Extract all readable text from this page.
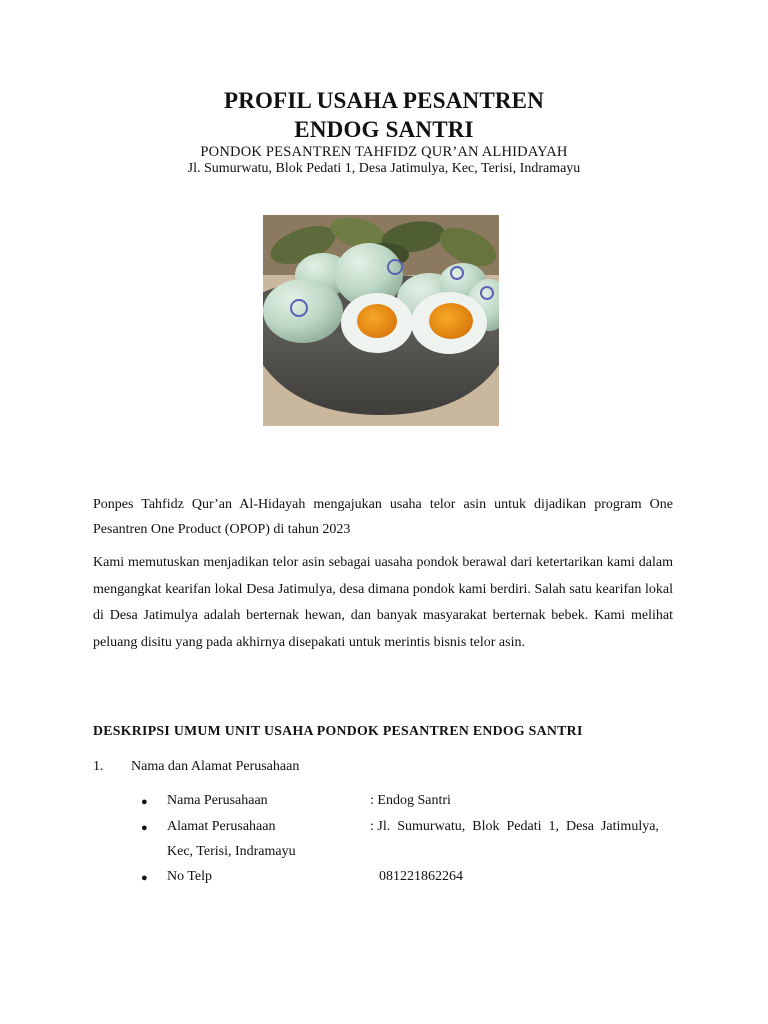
PROFIL USAHA PESANTREN
ENDOG SANTRI
PONDOK PESANTREN TAHFIDZ QUR’AN ALHIDAYAH
Jl. Sumurwatu, Blok Pedati 1, Desa Jatimulya, Kec, Terisi, Indramayu
Ponpes Tahfidz Qur’an Al-Hidayah mengajukan usaha telor asin untuk dijadikan program One Pesantren One Product (OPOP) di tahun 2023
Kami memutuskan menjadikan telor asin sebagai uasaha pondok berawal dari ketertarikan kami dalam mengangkat kearifan lokal Desa Jatimulya, desa dimana pondok kami berdiri. Salah satu kearifan lokal di Desa Jatimulya adalah berternak hewan, dan banyak masyarakat berternak bebek. Kami melihat peluang disitu yang pada akhirnya disepakati untuk merintis bisnis telor asin.
DESKRIPSI UMUM UNIT USAHA PONDOK PESANTREN ENDOG SANTRI
1. Nama dan Alamat Perusahaan
● Nama Perusahaan	: Endog Santri
● Alamat Perusahaan	: Jl.  Sumurwatu,  Blok  Pedati  1,  Desa  Jatimulya,
Kec, Terisi, Indramayu
● No Telp	081221862264
